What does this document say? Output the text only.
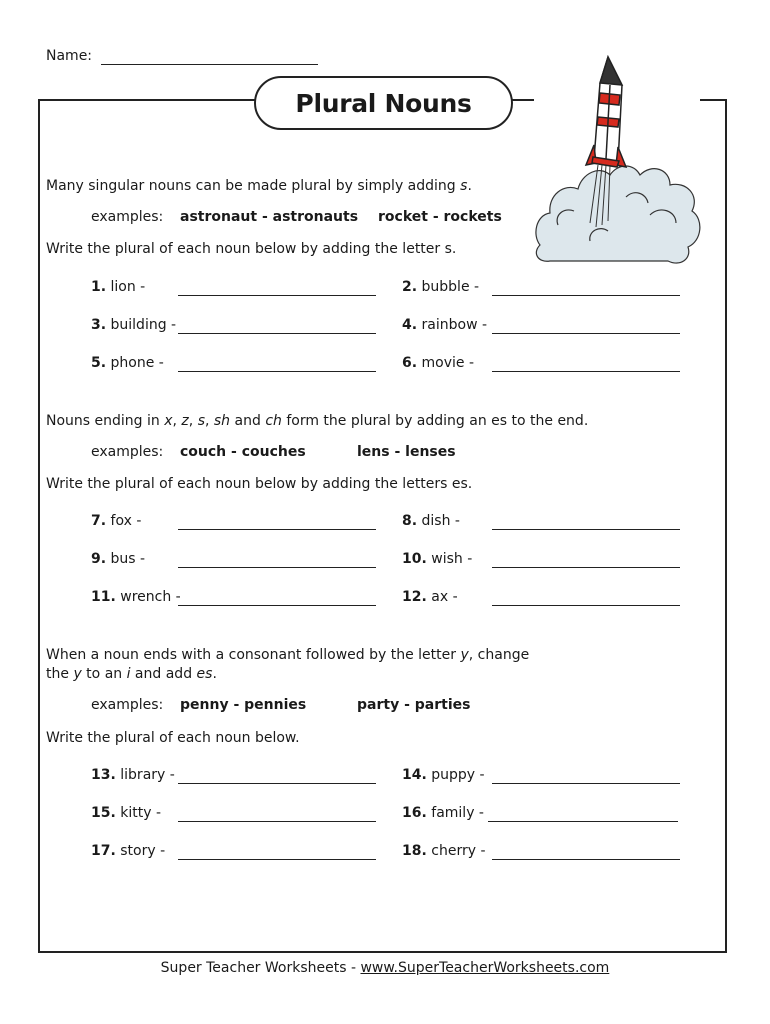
Name:
Plural Nouns
Many singular nouns can be made plural by simply adding s.
examples: astronaut - astronauts rocket - rockets
Write the plural of each noun below by adding the letter s.
1. lion -	2. bubble -
3. building -	4. rainbow -
5. phone -	6. movie -
Nouns ending in x, z, s, sh and ch form the plural by adding an es to the end.
examples: couch - couches	lens - lenses
Write the plural of each noun below by adding the letters es.
7. fox -	8. dish -
9. bus -	10. wish -
11. wrench -	12. ax -
When a noun ends with a consonant followed by the letter y, change
the y to an i and add es.
examples: penny - pennies	party - parties
Write the plural of each noun below.
13. library -	14. puppy -
15. kitty -	16. family -
17. story -	18. cherry -
Super Teacher Worksheets - www.SuperTeacherWorksheets.com
